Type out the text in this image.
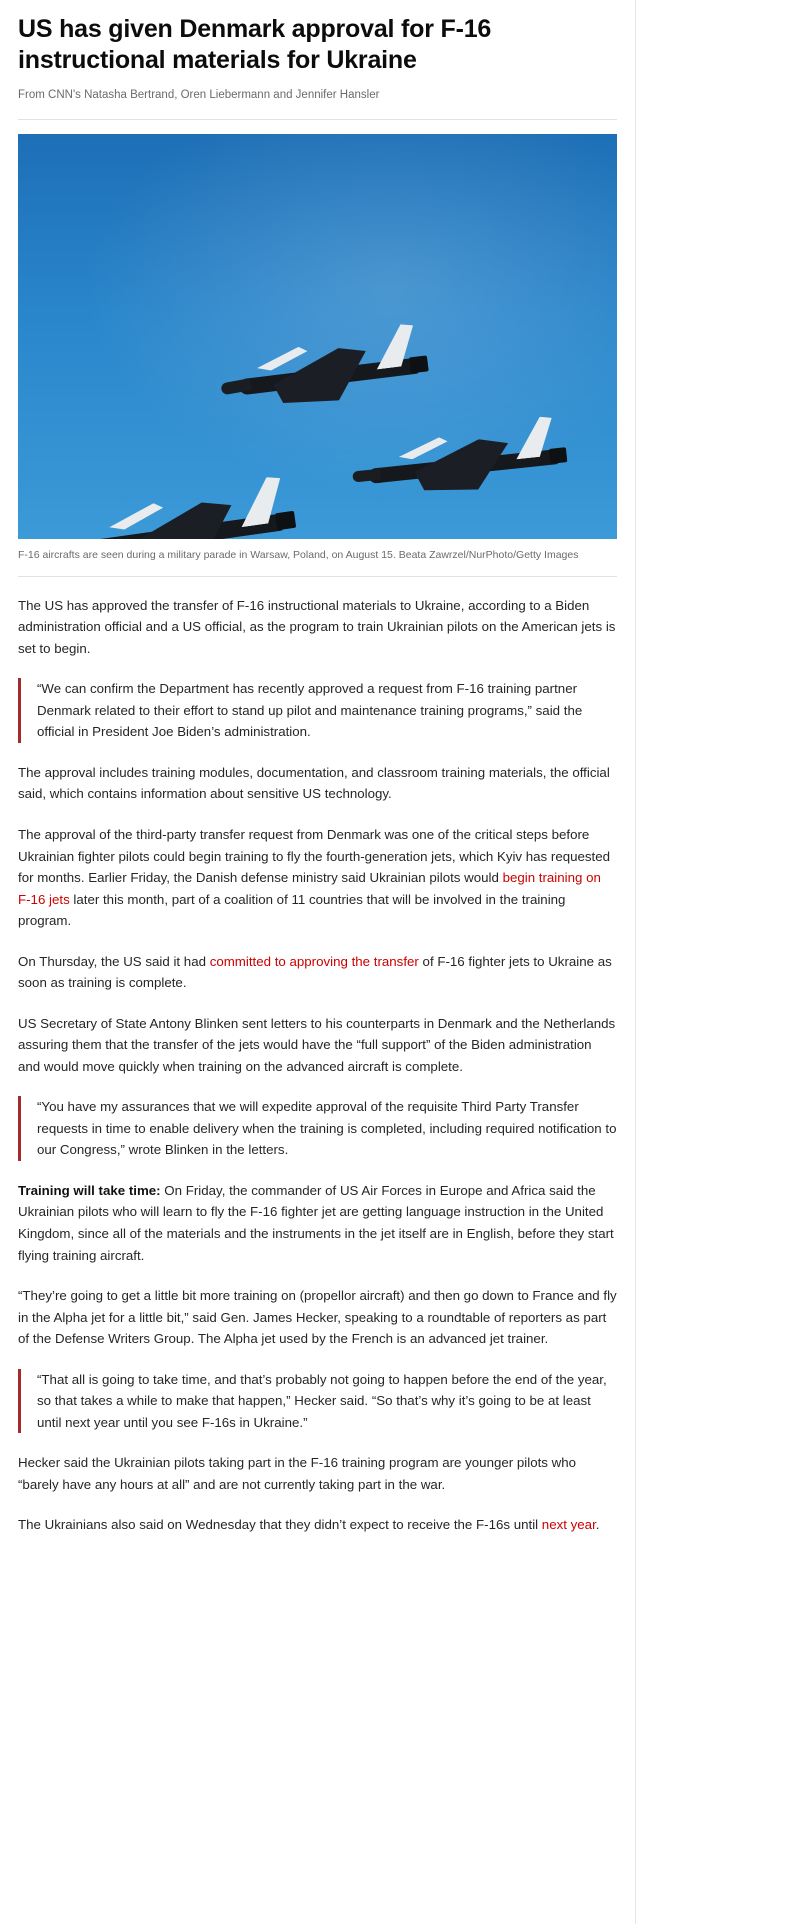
US has given Denmark approval for F-16 instructional materials for Ukraine
From CNN's Natasha Bertrand, Oren Liebermann and Jennifer Hansler
F-16 aircrafts are seen during a military parade in Warsaw, Poland, on August 15. Beata Zawrzel/NurPhoto/Getty Images

The US has approved the transfer of F-16 instructional materials to Ukraine, according to a Biden administration official and a US official, as the program to train Ukrainian pilots on the American jets is set to begin.

“We can confirm the Department has recently approved a request from F-16 training partner Denmark related to their effort to stand up pilot and maintenance training programs,” said the official in President Joe Biden’s administration.

The approval includes training modules, documentation, and classroom training materials, the official said, which contains information about sensitive US technology.

The approval of the third-party transfer request from Denmark was one of the critical steps before Ukrainian fighter pilots could begin training to fly the fourth-generation jets, which Kyiv has requested for months. Earlier Friday, the Danish defense ministry said Ukrainian pilots would begin training on F-16 jets later this month, part of a coalition of 11 countries that will be involved in the training program.

On Thursday, the US said it had committed to approving the transfer of F-16 fighter jets to Ukraine as soon as training is complete.

US Secretary of State Antony Blinken sent letters to his counterparts in Denmark and the Netherlands assuring them that the transfer of the jets would have the “full support” of the Biden administration and would move quickly when training on the advanced aircraft is complete.

“You have my assurances that we will expedite approval of the requisite Third Party Transfer requests in time to enable delivery when the training is completed, including required notification to our Congress,” wrote Blinken in the letters.

Training will take time: On Friday, the commander of US Air Forces in Europe and Africa said the Ukrainian pilots who will learn to fly the F-16 fighter jet are getting language instruction in the United Kingdom, since all of the materials and the instruments in the jet itself are in English, before they start flying training aircraft.

“They’re going to get a little bit more training on (propellor aircraft) and then go down to France and fly in the Alpha jet for a little bit,” said Gen. James Hecker, speaking to a roundtable of reporters as part of the Defense Writers Group. The Alpha jet used by the French is an advanced jet trainer.

“That all is going to take time, and that’s probably not going to happen before the end of the year, so that takes a while to make that happen,” Hecker said. “So that’s why it’s going to be at least until next year until you see F-16s in Ukraine.”

Hecker said the Ukrainian pilots taking part in the F-16 training program are younger pilots who “barely have any hours at all” and are not currently taking part in the war.

The Ukrainians also said on Wednesday that they didn’t expect to receive the F-16s until next year.
